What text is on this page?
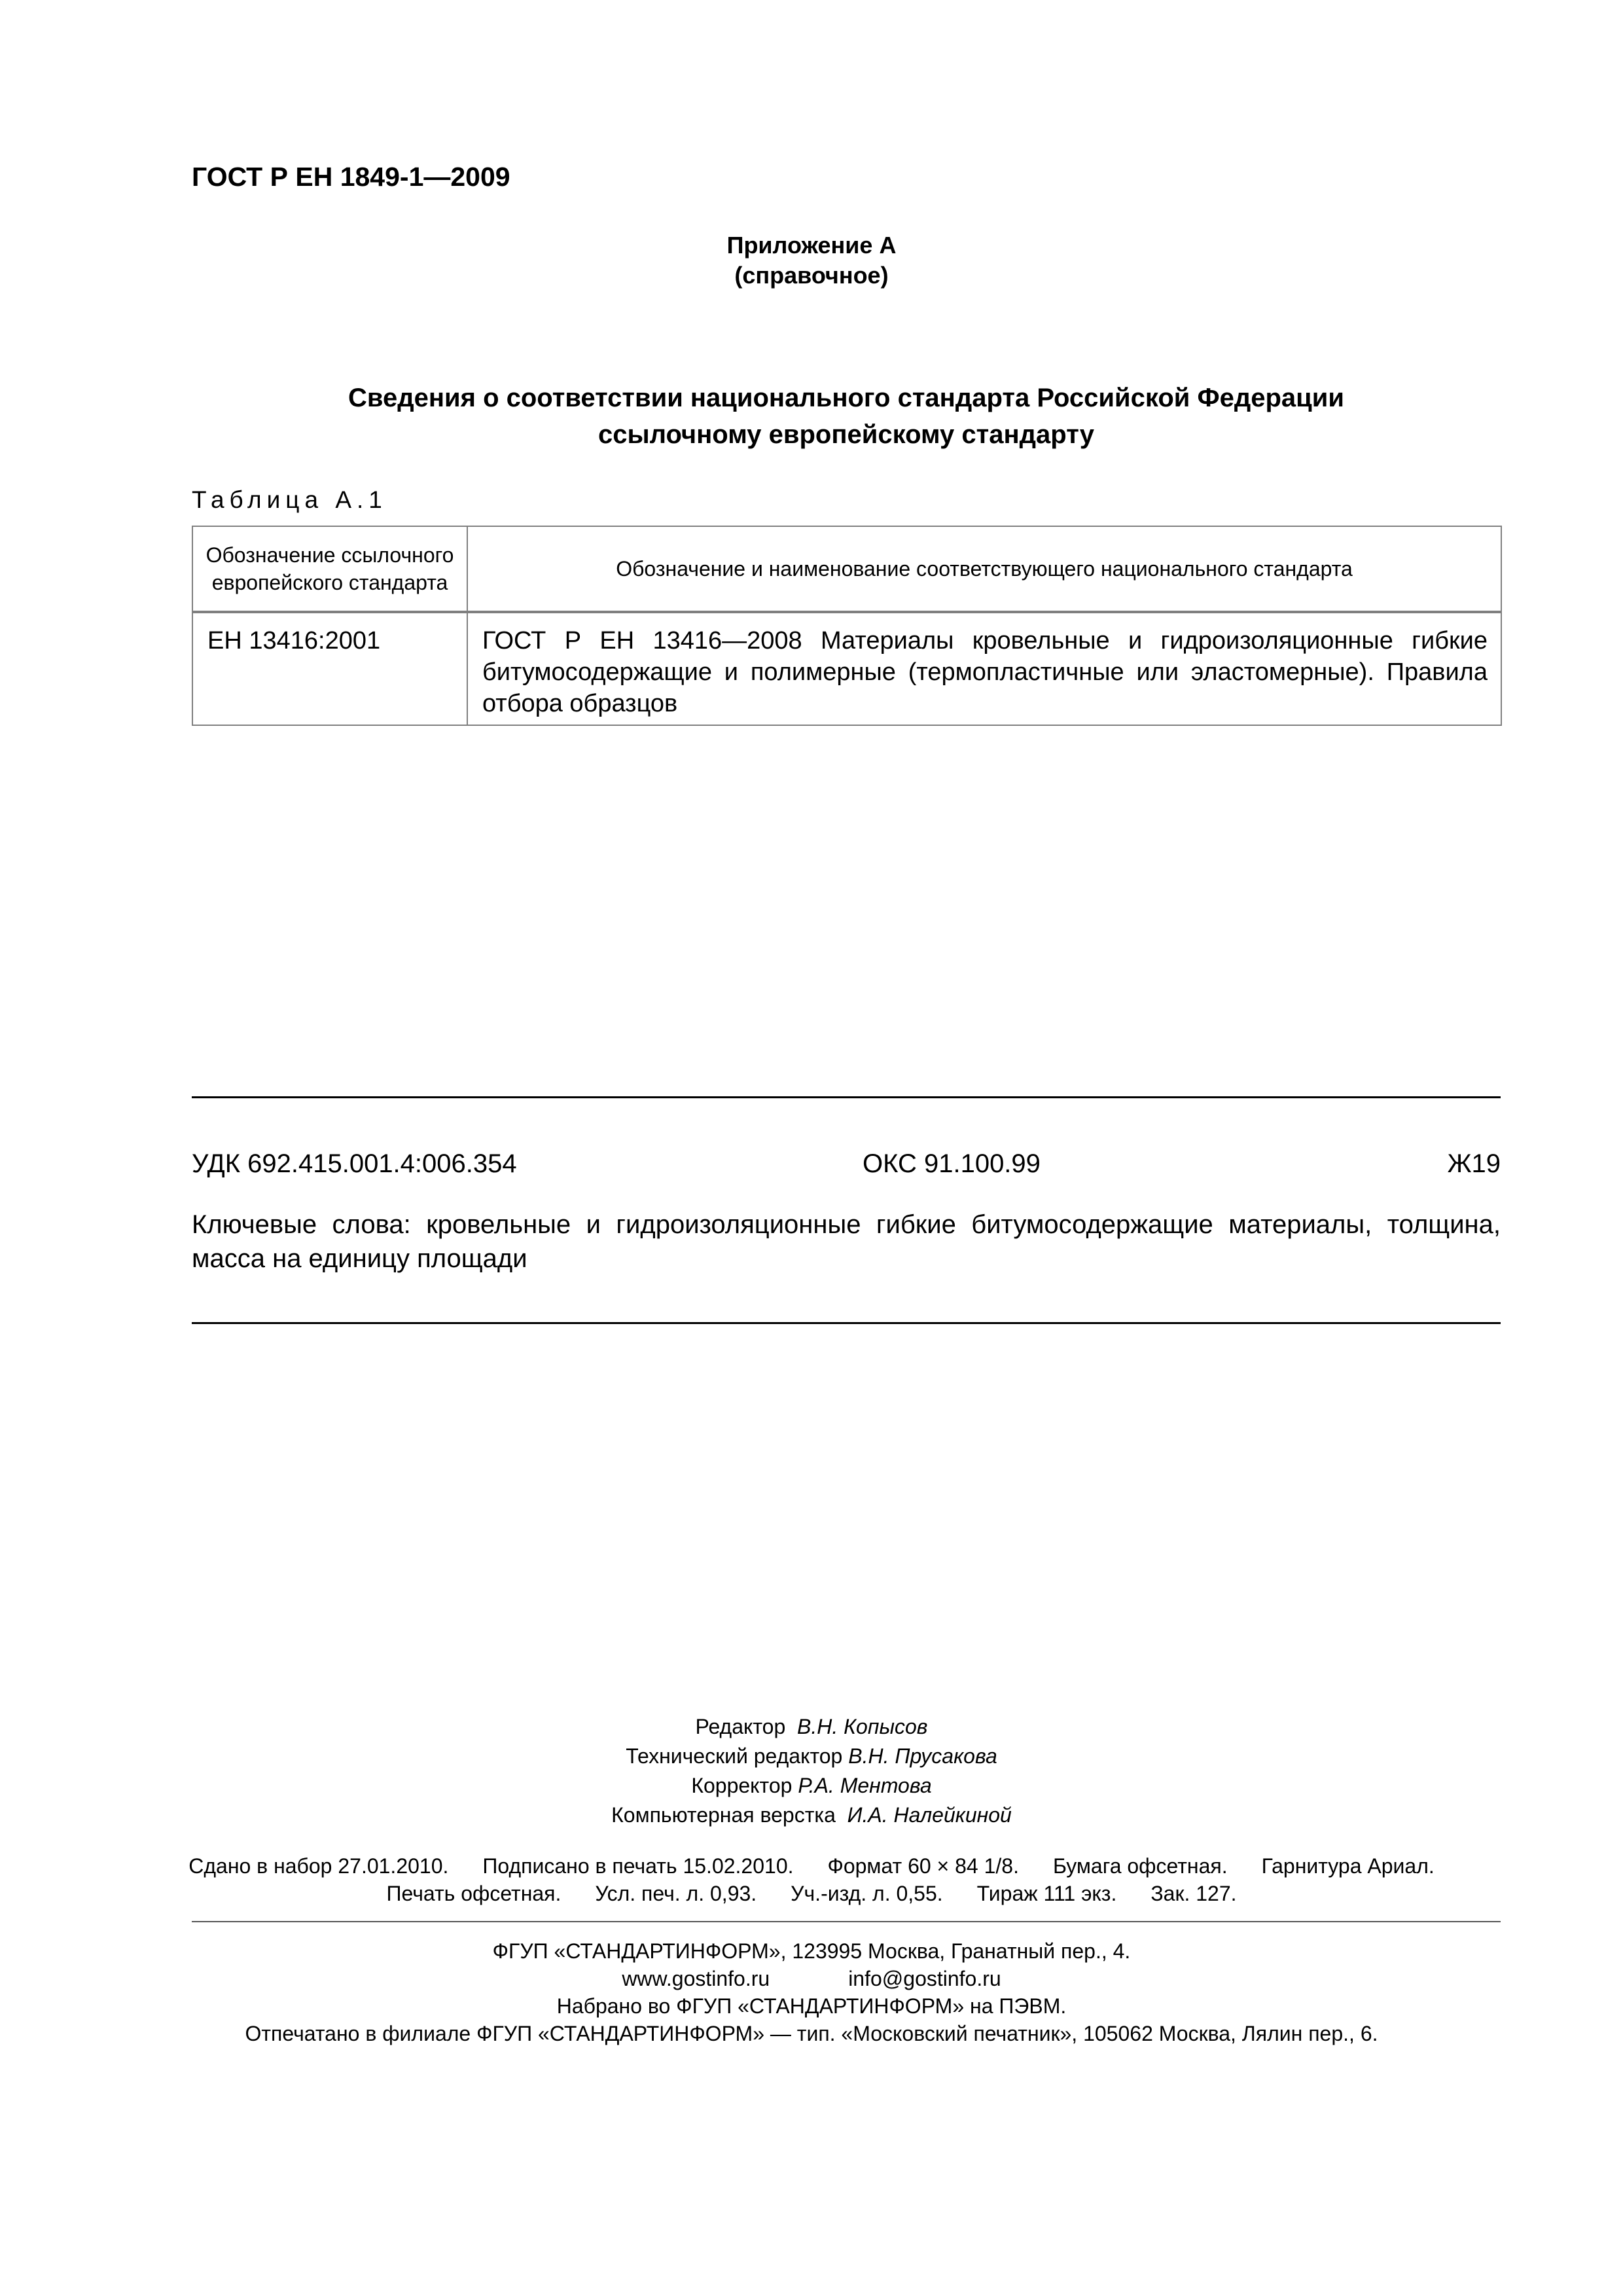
ГОСТ Р ЕН 1849-1—2009
Приложение А
(справочное)
Сведения о соответствии национального стандарта Российской Федерации
ссылочному европейскому стандарту
Таблица А.1
Обозначение ссылочного европейского стандарта	Обозначение и наименование соответствующего национального стандарта
ЕН 13416:2001	ГОСТ Р ЕН 13416—2008 Материалы кровельные и гидроизоляционные гибкие битумосодержащие и полимерные (термопластичные или эластомерные). Правила отбора образцов
УДК 692.415.001.4:006.354	ОКС 91.100.99	Ж19
Ключевые слова: кровельные и гидроизоляционные гибкие битумосодержащие материалы, толщина, масса на единицу площади
Редактор В.Н. Копысов
Технический редактор В.Н. Прусакова
Корректор Р.А. Ментова
Компьютерная верстка И.А. Налейкиной
Сдано в набор 27.01.2010. Подписано в печать 15.02.2010. Формат 60 × 84 1/8. Бумага офсетная. Гарнитура Ариал.
Печать офсетная. Усл. печ. л. 0,93. Уч.-изд. л. 0,55. Тираж 111 экз. Зак. 127.
ФГУП «СТАНДАРТИНФОРМ», 123995 Москва, Гранатный пер., 4.
www.gostinfo.ru	info@gostinfo.ru
Набрано во ФГУП «СТАНДАРТИНФОРМ» на ПЭВМ.
Отпечатано в филиале ФГУП «СТАНДАРТИНФОРМ» — тип. «Московский печатник», 105062 Москва, Лялин пер., 6.
